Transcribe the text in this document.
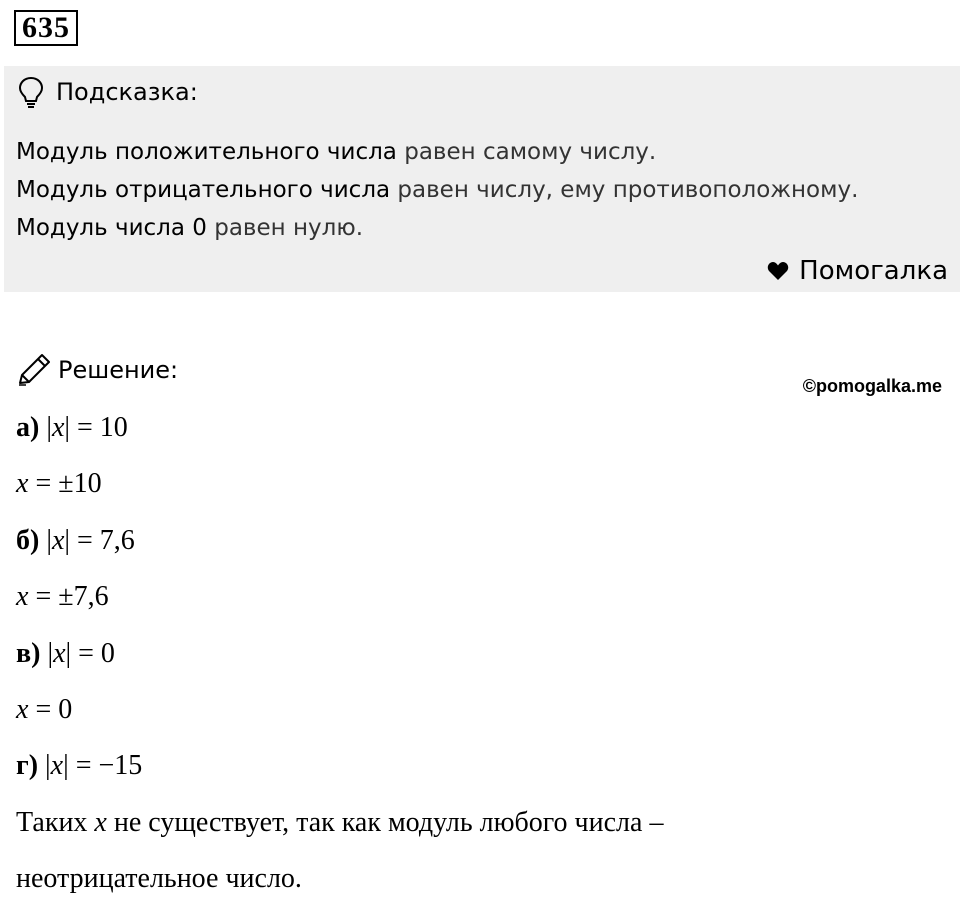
635
Подсказка:
Модуль положительного числа равен самому числу.
Модуль отрицательного числа равен числу, ему противоположному.
Модуль числа 0 равен нулю.
Помогалка
Решение:
©pomogalka.me
а) |x| = 10
x = ±10
б) |x| = 7,6
x = ±7,6
в) |x| = 0
x = 0
г) |x| = −15
Таких x не существует, так как модуль любого числа –
неотрицательное число.
